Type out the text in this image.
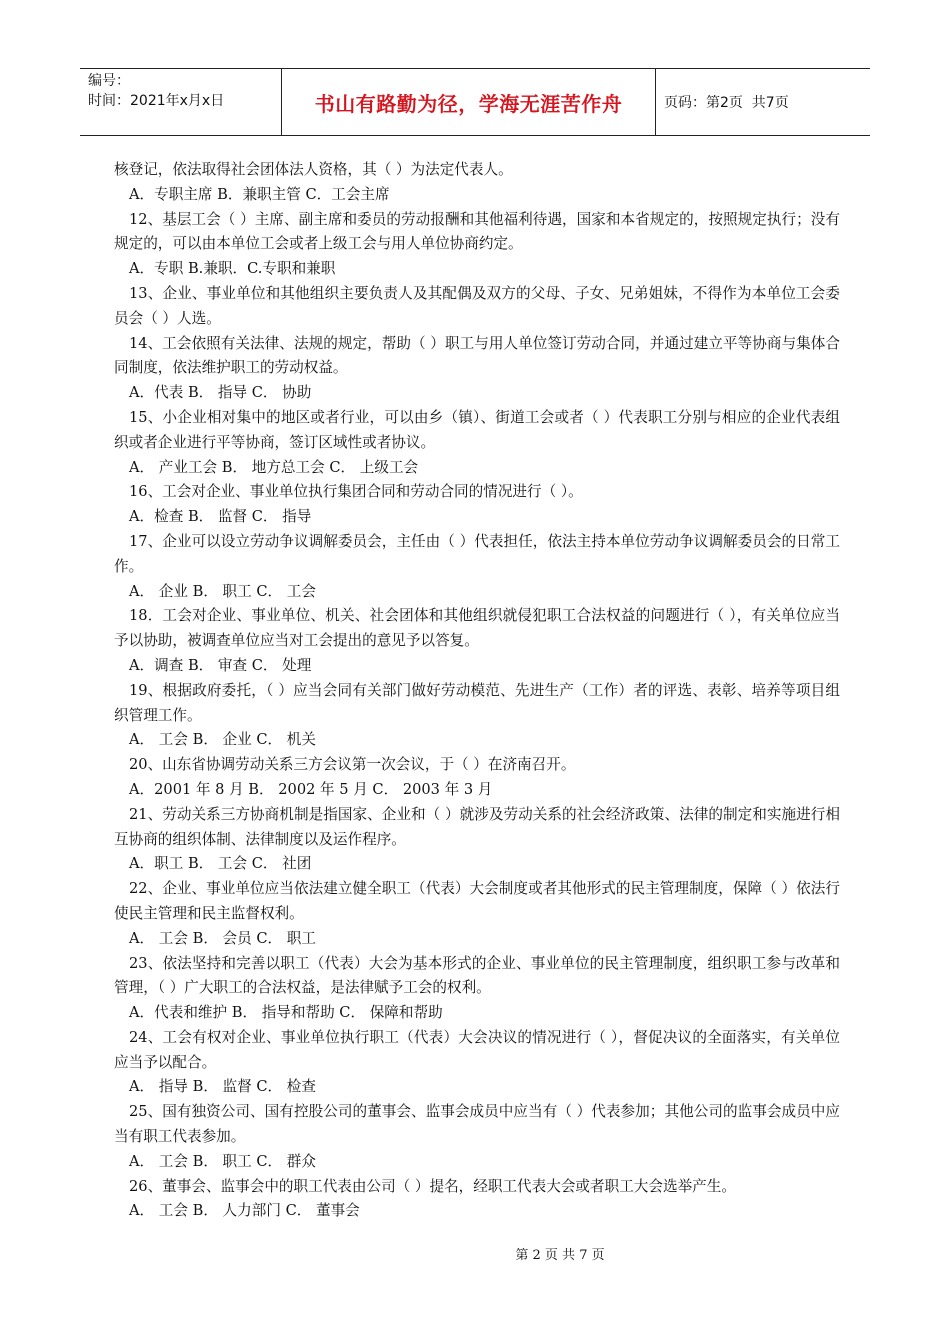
编号：
时间：2021年x月x日	书山有路勤为径，学海无涯苦作舟	页码：第2页  共7页

核登记，依法取得社会团体法人资格，其（ ）为法定代表人。

A．专职主席 B．兼职主管 C．工会主席

12、基层工会（ ）主席、副主席和委员的劳动报酬和其他福利待遇，国家和本省规定的，按照规定执行；没有规定的，可以由本单位工会或者上级工会与用人单位协商约定。

A．专职 B.兼职．C.专职和兼职

13、企业、事业单位和其他组织主要负责人及其配偶及双方的父母、子女、兄弟姐妹，不得作为本单位工会委员会（ ）人选。

14、工会依照有关法律、法规的规定，帮助（ ）职工与用人单位签订劳动合同，并通过建立平等协商与集体合同制度，依法维护职工的劳动权益。

A．代表 B． 指导 C． 协助

15、小企业相对集中的地区或者行业，可以由乡（镇）、街道工会或者（ ）代表职工分别与相应的企业代表组织或者企业进行平等协商，签订区域性或者协议。

A． 产业工会 B． 地方总工会 C． 上级工会

16、工会对企业、事业单位执行集团合同和劳动合同的情况进行（ ）。

A．检查 B． 监督 C． 指导

17、企业可以设立劳动争议调解委员会，主任由（ ）代表担任，依法主持本单位劳动争议调解委员会的日常工作。

A． 企业 B． 职工 C． 工会

18．工会对企业、事业单位、机关、社会团体和其他组织就侵犯职工合法权益的问题进行（ ），有关单位应当予以协助，被调查单位应当对工会提出的意见予以答复。

A．调查 B． 审查 C． 处理

19、根据政府委托，（ ）应当会同有关部门做好劳动模范、先进生产（工作）者的评选、表彰、培养等项目组织管理工作。

A． 工会 B． 企业 C． 机关

20、山东省协调劳动关系三方会议第一次会议，于（ ）在济南召开。

A．2001 年 8 月 B． 2002 年 5 月 C． 2003 年 3 月

21、劳动关系三方协商机制是指国家、企业和（ ）就涉及劳动关系的社会经济政策、法律的制定和实施进行相互协商的组织体制、法律制度以及运作程序。

A．职工 B． 工会 C． 社团

22、企业、事业单位应当依法建立健全职工（代表）大会制度或者其他形式的民主管理制度，保障（ ）依法行使民主管理和民主监督权利。

A． 工会 B． 会员 C． 职工

23、依法坚持和完善以职工（代表）大会为基本形式的企业、事业单位的民主管理制度，组织职工参与改革和管理，（ ）广大职工的合法权益，是法律赋予工会的权利。

A．代表和维护 B． 指导和帮助 C． 保障和帮助

24、工会有权对企业、事业单位执行职工（代表）大会决议的情况进行（ ），督促决议的全面落实，有关单位应当予以配合。

A． 指导 B． 监督 C． 检查

25、国有独资公司、国有控股公司的董事会、监事会成员中应当有（ ）代表参加；其他公司的监事会成员中应当有职工代表参加。

A． 工会 B． 职工 C． 群众

26、董事会、监事会中的职工代表由公司（ ）提名，经职工代表大会或者职工大会选举产生。

A． 工会 B． 人力部门 C． 董事会

第 2 页 共 7 页
